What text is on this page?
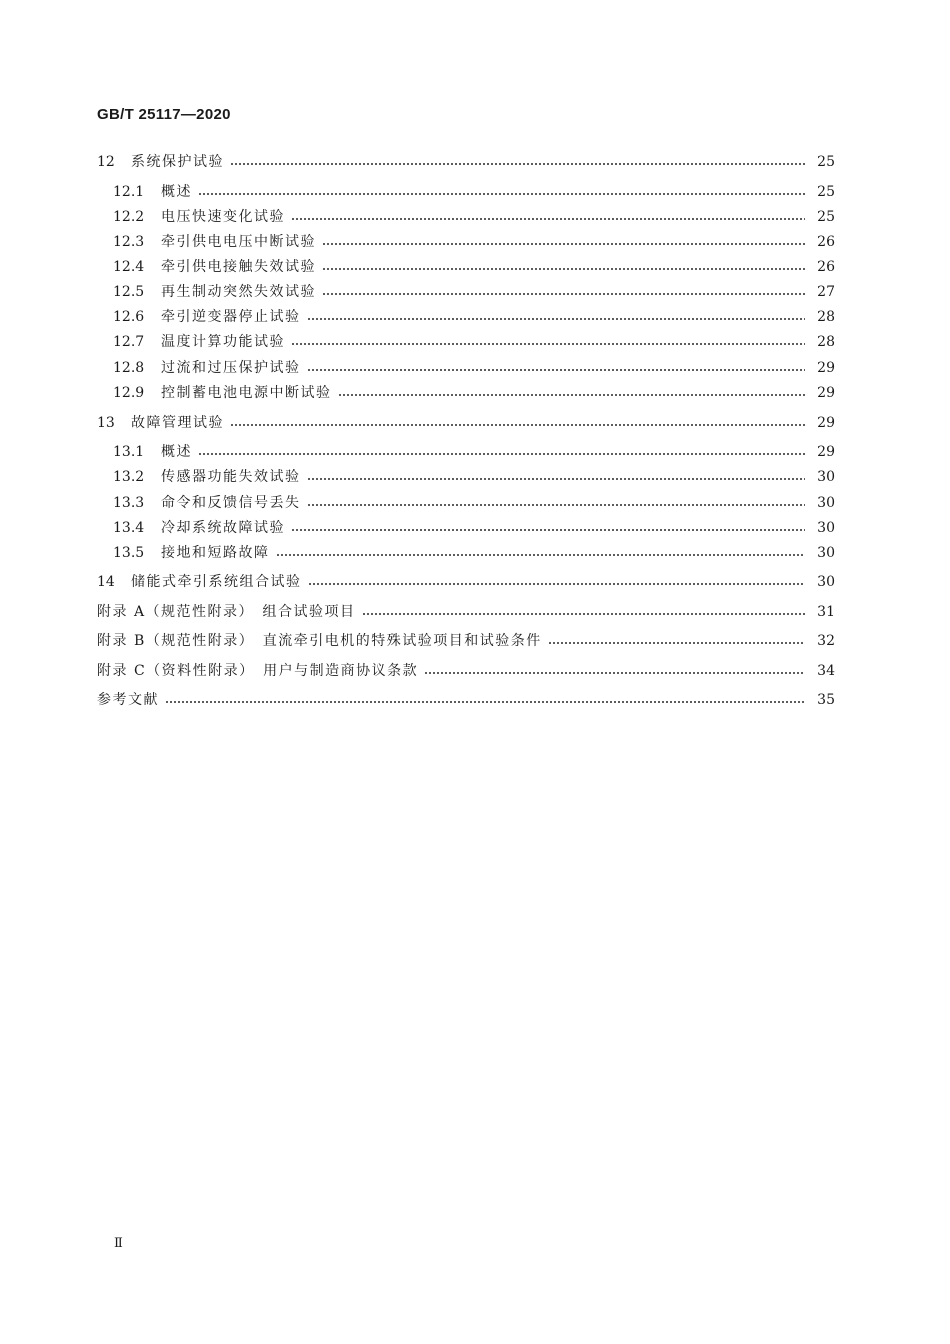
GB/T 25117—2020
12	系统保护试验	25
12.1	概述	25
12.2	电压快速变化试验	25
12.3	牵引供电电压中断试验	26
12.4	牵引供电接触失效试验	26
12.5	再生制动突然失效试验	27
12.6	牵引逆变器停止试验	28
12.7	温度计算功能试验	28
12.8	过流和过压保护试验	29
12.9	控制蓄电池电源中断试验	29
13	故障管理试验	29
13.1	概述	29
13.2	传感器功能失效试验	30
13.3	命令和反馈信号丢失	30
13.4	冷却系统故障试验	30
13.5	接地和短路故障	30
14	储能式牵引系统组合试验	30
附录 A（规范性附录）　组合试验项目	31
附录 B（规范性附录）　直流牵引电机的特殊试验项目和试验条件	32
附录 C（资料性附录）　用户与制造商协议条款	34
参考文献	35
Ⅱ
